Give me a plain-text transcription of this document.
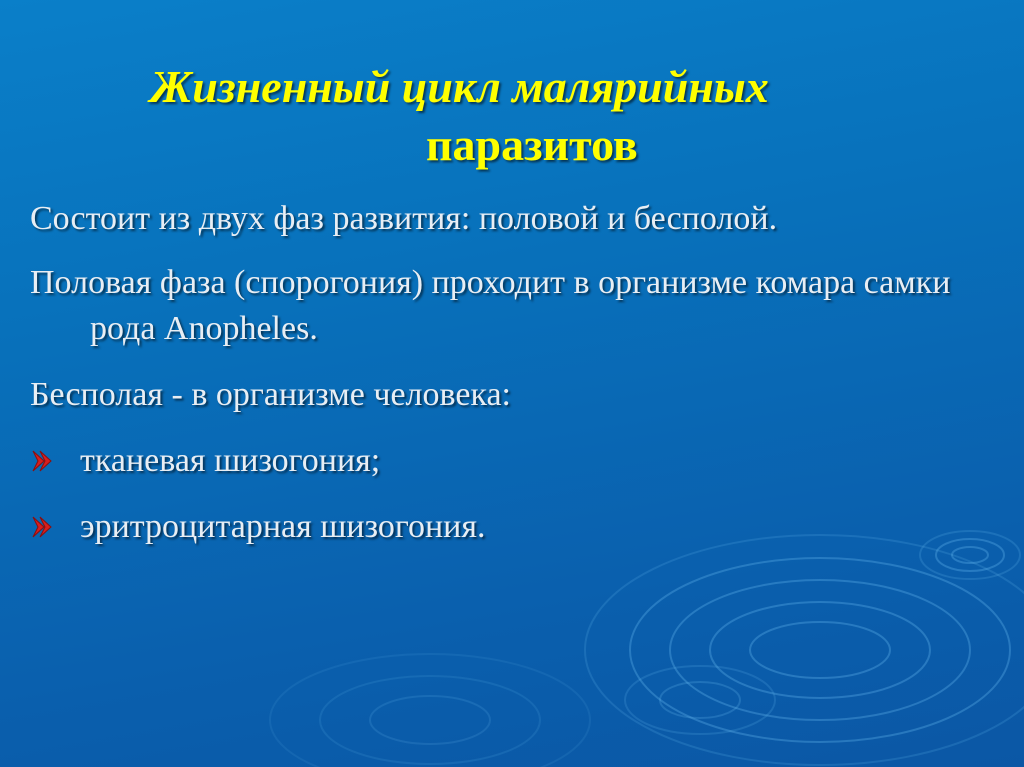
Жизненный цикл малярийных
паразитов

Состоит из двух фаз развития: половой и бесполой.

Половая фаза (спорогония) проходит в организме комара самки рода Anopheles.

Бесполая - в организме человека:

тканевая шизогония;
эритроцитарная шизогония.
